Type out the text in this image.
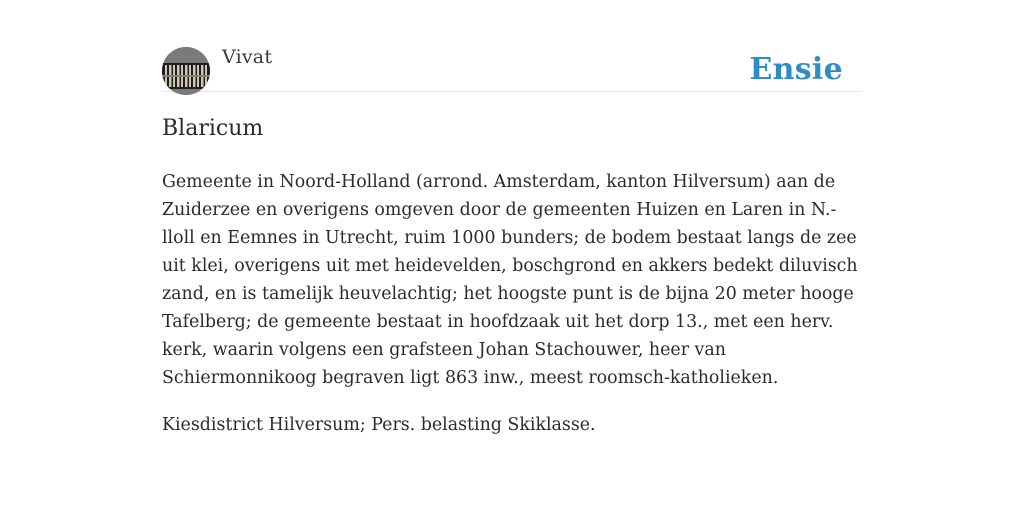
Vivat	Ensie
Blaricum

Gemeente in Noord-Holland (arrond. Amsterdam, kanton Hilversum) aan de Zuiderzee en overigens omgeven door de gemeenten Huizen en Laren in N.-lloll en Eemnes in Utrecht, ruim 1000 bunders; de bodem bestaat langs de zee uit klei, overigens uit met heidevelden, boschgrond en akkers bedekt diluvisch zand, en is tamelijk heuvelachtig; het hoogste punt is de bijna 20 meter hooge Tafelberg; de gemeente bestaat in hoofdzaak uit het dorp 13., met een herv. kerk, waarin volgens een grafsteen Johan Stachouwer, heer van Schiermonnikoog begraven ligt 863 inw., meest roomsch-katholieken.

Kiesdistrict Hilversum; Pers. belasting Skiklasse.
